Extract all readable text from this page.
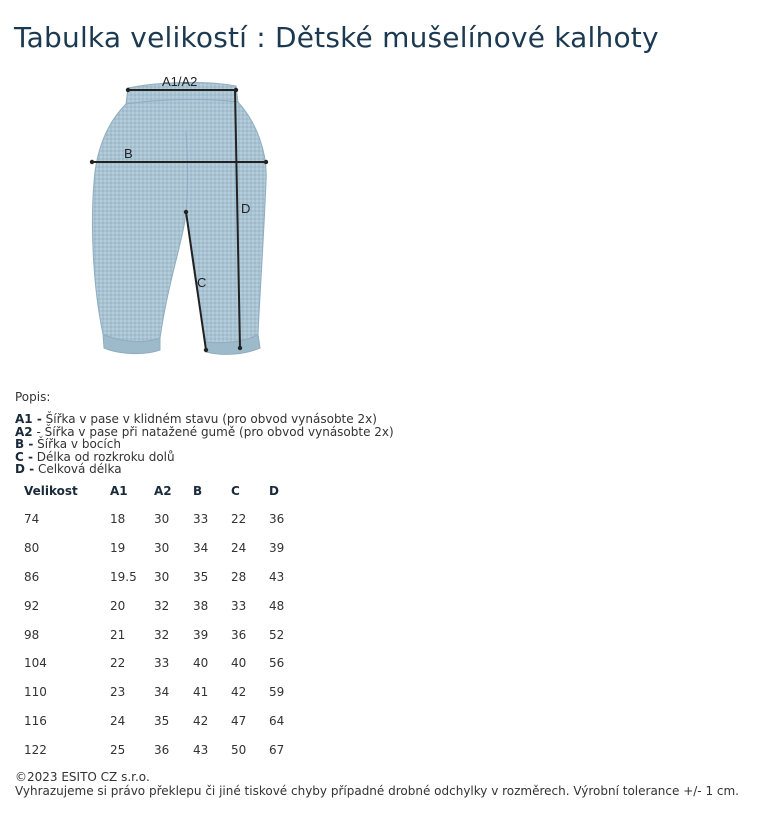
Tabulka velikostí : Dětské mušelínové kalhoty
A1/A2
B
D
C
Popis:
A1 - Šířka v pase v klidném stavu (pro obvod vynásobte 2x)
A2 - Šířka v pase při natažené gumě (pro obvod vynásobte 2x)
B - Šířka v bocích
C - Délka od rozkroku dolů
D - Celková délka
Velikost	A1	A2	B	C	D
74	18	30	33	22	36
80	19	30	34	24	39
86	19.5	30	35	28	43
92	20	32	38	33	48
98	21	32	39	36	52
104	22	33	40	40	56
110	23	34	41	42	59
116	24	35	42	47	64
122	25	36	43	50	67
©2023 ESITO CZ s.r.o.
Vyhrazujeme si právo překlepu či jiné tiskové chyby případné drobné odchylky v rozměrech. Výrobní tolerance +/- 1 cm.
